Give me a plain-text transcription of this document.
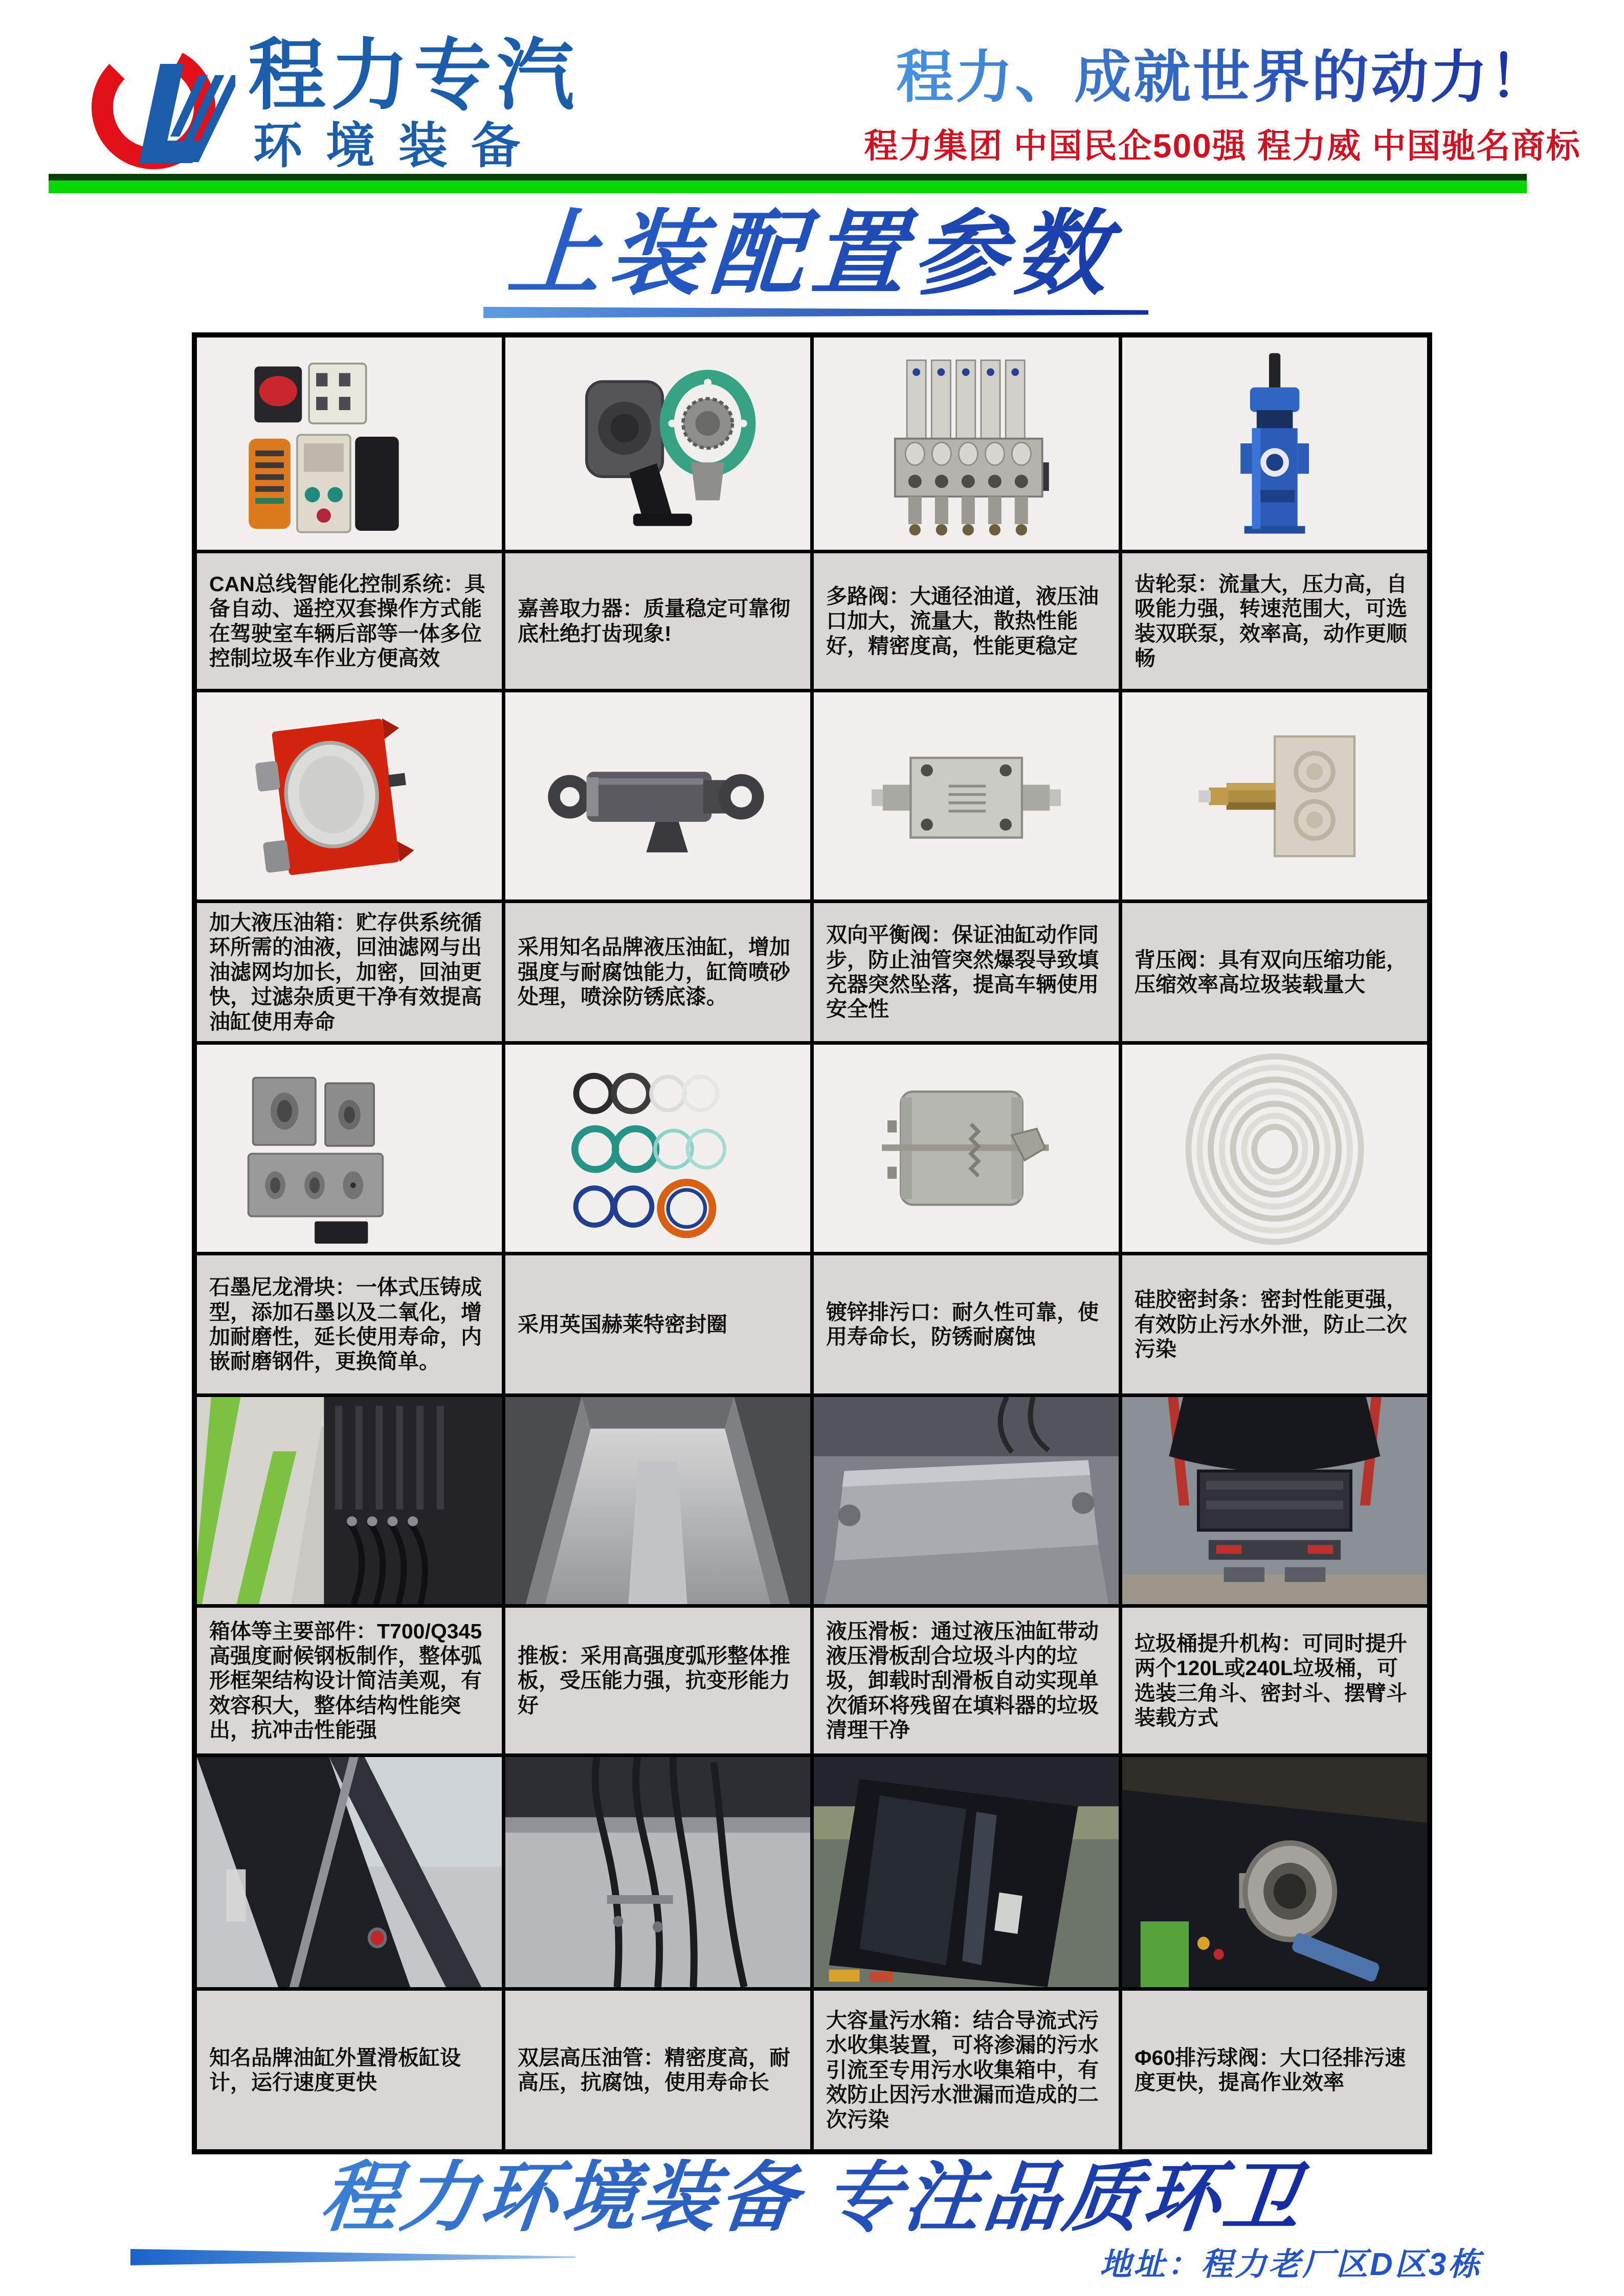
程力专汽
环境装备
程力、成就世界的动力！
程力集团 中国民企500强 程力威 中国驰名商标
上装配置参数

CAN总线智能化控制系统：具备自动、遥控双套操作方式能在驾驶室车辆后部等一体多位控制垃圾车作业方便高效

嘉善取力器：质量稳定可靠彻底杜绝打齿现象!

多路阀：大通径油道，液压油口加大，流量大，散热性能好，精密度高，性能更稳定

齿轮泵：流量大，压力高，自吸能力强，转速范围大，可选装双联泵，效率高，动作更顺畅

加大液压油箱：贮存供系统循环所需的油液，回油滤网与出油滤网均加长，加密，回油更快，过滤杂质更干净有效提高油缸使用寿命

采用知名品牌液压油缸，增加强度与耐腐蚀能力，缸筒喷砂处理，喷涂防锈底漆。

双向平衡阀：保证油缸动作同步，防止油管突然爆裂导致填充器突然坠落，提高车辆使用安全性

背压阀：具有双向压缩功能，压缩效率高垃圾装载量大

石墨尼龙滑块：一体式压铸成型，添加石墨以及二氧化，增加耐磨性，延长使用寿命，内嵌耐磨钢件，更换简单。

采用英国赫莱特密封圈

镀锌排污口：耐久性可靠，使用寿命长，防锈耐腐蚀

硅胶密封条：密封性能更强，有效防止污水外泄，防止二次污染

箱体等主要部件：T700/Q345高强度耐候钢板制作，整体弧形框架结构设计简洁美观，有效容积大，整体结构性能突出，抗冲击性能强

推板：采用高强度弧形整体推板，受压能力强，抗变形能力好

液压滑板：通过液压油缸带动液压滑板刮合垃圾斗内的垃圾，卸载时刮滑板自动实现单次循环将残留在填料器的垃圾清理干净

垃圾桶提升机构：可同时提升两个120L或240L垃圾桶，可选装三角斗、密封斗、摆臂斗装载方式

知名品牌油缸外置滑板缸设计，运行速度更快

双层高压油管：精密度高，耐高压，抗腐蚀，使用寿命长

大容量污水箱：结合导流式污水收集装置，可将渗漏的污水引流至专用污水收集箱中，有效防止因污水泄漏而造成的二次污染

Φ60排污球阀：大口径排污速度更快，提高作业效率

程力环境装备 专注品质环卫
地址：程力老厂区D区3栋
